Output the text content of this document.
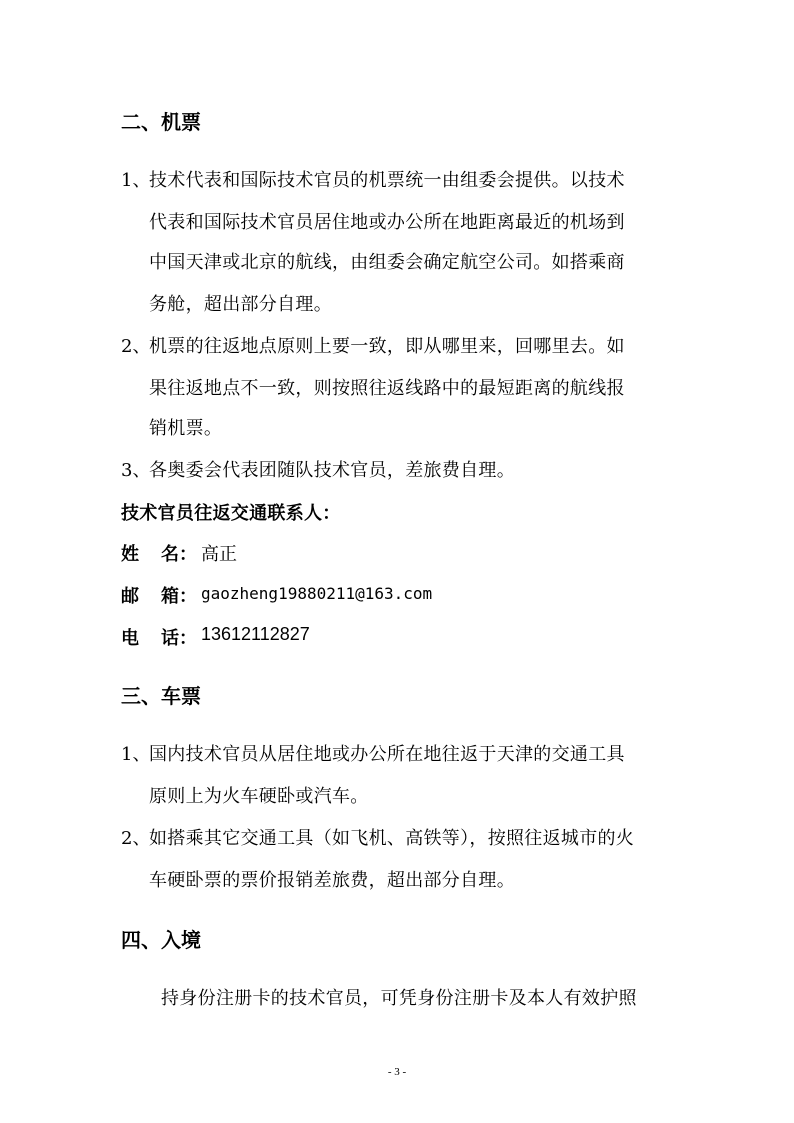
二、机票
1、
技术代表和国际技术官员的机票统一由组委会提供。以技术
代表和国际技术官员居住地或办公所在地距离最近的机场到
中国天津或北京的航线，由组委会确定航空公司。如搭乘商
务舱，超出部分自理。
2、
机票的往返地点原则上要一致，即从哪里来，回哪里去。如
果往返地点不一致，则按照往返线路中的最短距离的航线报
销机票。
3、
各奥委会代表团随队技术官员，差旅费自理。
技术官员往返交通联系人：
姓 名： 高正
邮 箱： gaozheng19880211@163.com
电 话： 13612112827
三、车票
1、
国内技术官员从居住地或办公所在地往返于天津的交通工具
原则上为火车硬卧或汽车。
2、
如搭乘其它交通工具（如飞机、高铁等），按照往返城市的火
车硬卧票的票价报销差旅费，超出部分自理。
四、入境
持身份注册卡的技术官员，可凭身份注册卡及本人有效护照
- 3 -
